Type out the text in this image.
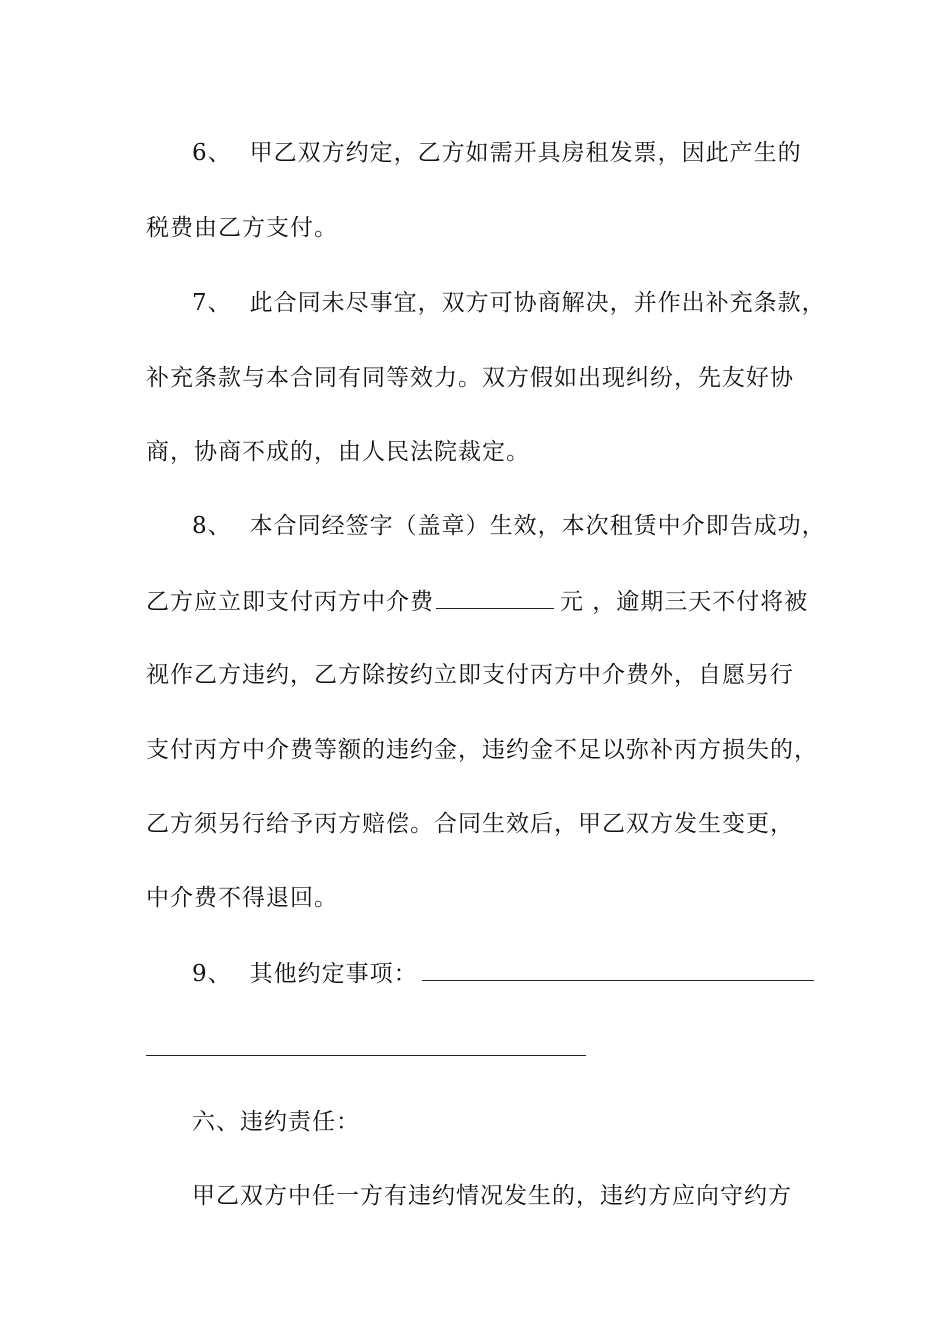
6、 甲乙双方约定，乙方如需开具房租发票，因此产生的
税费由乙方支付。
7、 此合同未尽事宜，双方可协商解决，并作出补充条款，
补充条款与本合同有同等效力。双方假如出现纠纷，先友好协
商，协商不成的，由人民法院裁定。
8、 本合同经签字（盖章）生效，本次租赁中介即告成功，
乙方应立即支付丙方中介费	元 ，逾期三天不付将被
视作乙方违约，乙方除按约立即支付丙方中介费外，自愿另行
支付丙方中介费等额的违约金，违约金不足以弥补丙方损失的，
乙方须另行给予丙方赔偿。合同生效后，甲乙双方发生变更，
中介费不得退回。
9、 其他约定事项：
六、违约责任：
甲乙双方中任一方有违约情况发生的，违约方应向守约方
